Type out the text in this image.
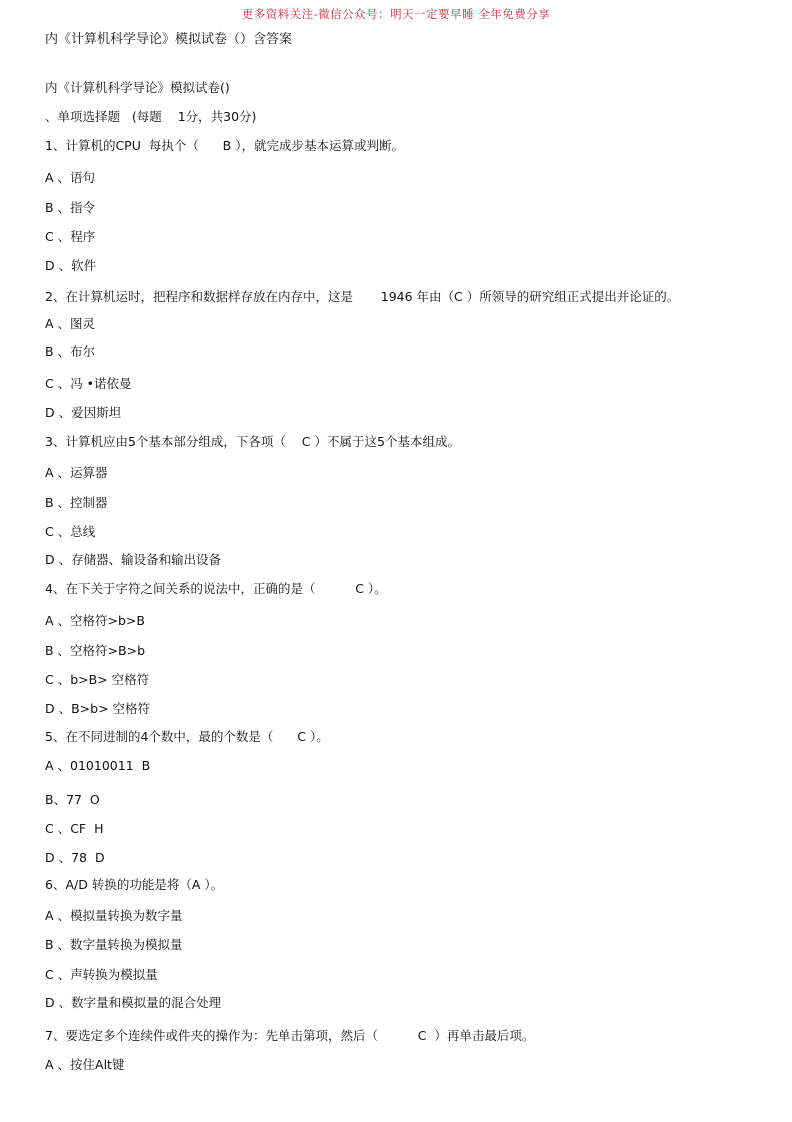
更多资料关注-微信公众号：明天一定要早睡 全年免费分享
内《计算机科学导论》模拟试卷（）含答案
内《计算机科学导论》模拟试卷()
、单项选择题   (每题    1分，共30分)
1、计算机的CPU  每执个（      B ），就完成步基本运算或判断。
A 、语句
B 、指令
C 、程序
D 、软件
2、在计算机运时，把程序和数据样存放在内存中，这是       1946 年由（C ）所领导的研究组正式提出并论证的。
A 、图灵
B 、布尔
C 、冯 •诺依曼
D 、爱因斯坦
3、计算机应由5个基本部分组成，下各项（    C ）不属于这5个基本组成。
A 、运算器
B 、控制器
C 、总线
D 、存储器、输设备和输出设备
4、在下关于字符之间关系的说法中，正确的是（          C ）。
A 、空格符>b>B
B 、空格符>B>b
C 、b>B> 空格符
D 、B>b> 空格符
5、在不同进制的4个数中，最的个数是（      C ）。
A 、01010011  B
B、77  O
C 、CF  H
D 、78  D
6、A/D 转换的功能是将（A ）。
A 、模拟量转换为数字量
B 、数字量转换为模拟量
C 、声转换为模拟量
D 、数字量和模拟量的混合处理
7、要选定多个连续件或件夹的操作为：先单击第项，然后（          C  ）再单击最后项。
A 、按住Alt键
